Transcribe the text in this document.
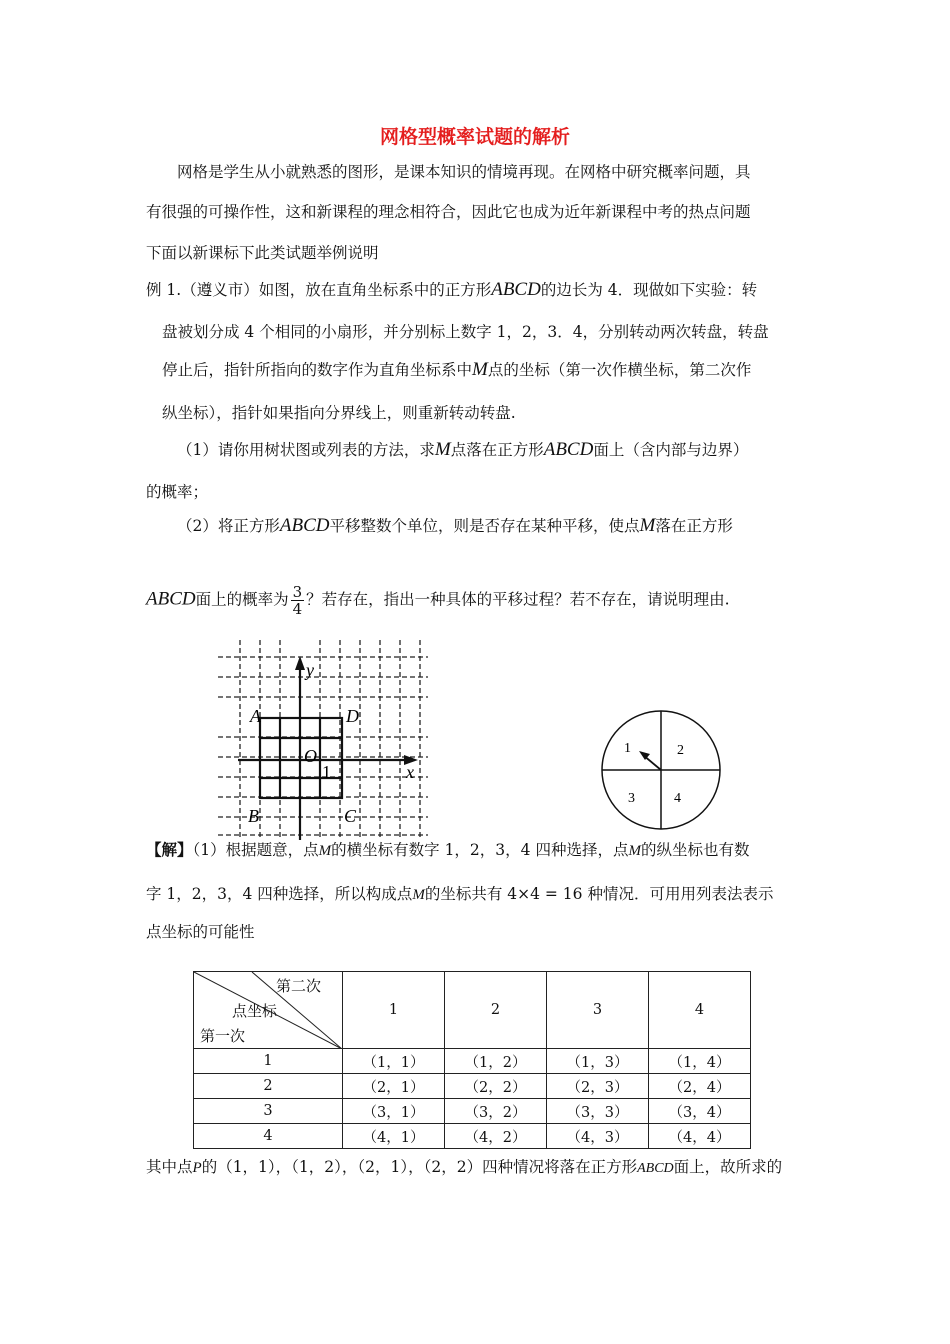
网格型概率试题的解析
网格是学生从小就熟悉的图形，是课本知识的情境再现。在网格中研究概率问题，具
有很强的可操作性，这和新课程的理念相符合，因此它也成为近年新课程中考的热点问题
下面以新课标下此类试题举例说明
例 1.（遵义市）如图，放在直角坐标系中的正方形ABCD的边长为 4．现做如下实验：转
盘被划分成 4 个相同的小扇形，并分别标上数字 1，2，3．4，分别转动两次转盘，转盘
停止后，指针所指向的数字作为直角坐标系中M点的坐标（第一次作横坐标，第二次作
纵坐标），指针如果指向分界线上，则重新转动转盘.
（1）请你用树状图或列表的方法，求M点落在正方形ABCD面上（含内部与边界）
的概率；
（2）将正方形ABCD平移整数个单位，则是否存在某种平移，使点M落在正方形
ABCD面上的概率为 $\frac{3}{4}$ ？若存在，指出一种具体的平移过程？若不存在，请说明理由.
y
x
A	D
O
1
B	C
1	2
3	4
【解】（1）根据题意，点M的横坐标有数字 1，2，3，4 四种选择，点M的纵坐标也有数
字 1，2，3，4 四种选择，所以构成点M的坐标共有 4×4 = 16 种情况．可用用列表法表示
点坐标的可能性
第二次
点坐标
第一次	1	2	3	4
1	（1，1）	（1，2）	（1，3）	（1，4）
2	（2，1）	（2，2）	（2，3）	（2，4）
3	（3，1）	（3，2）	（3，3）	（3，4）
4	（4，1）	（4，2）	（4，3）	（4，4）
其中点P的（1，1），（1，2），（2，1），（2，2）四种情况将落在正方形ABCD面上，故所求的
